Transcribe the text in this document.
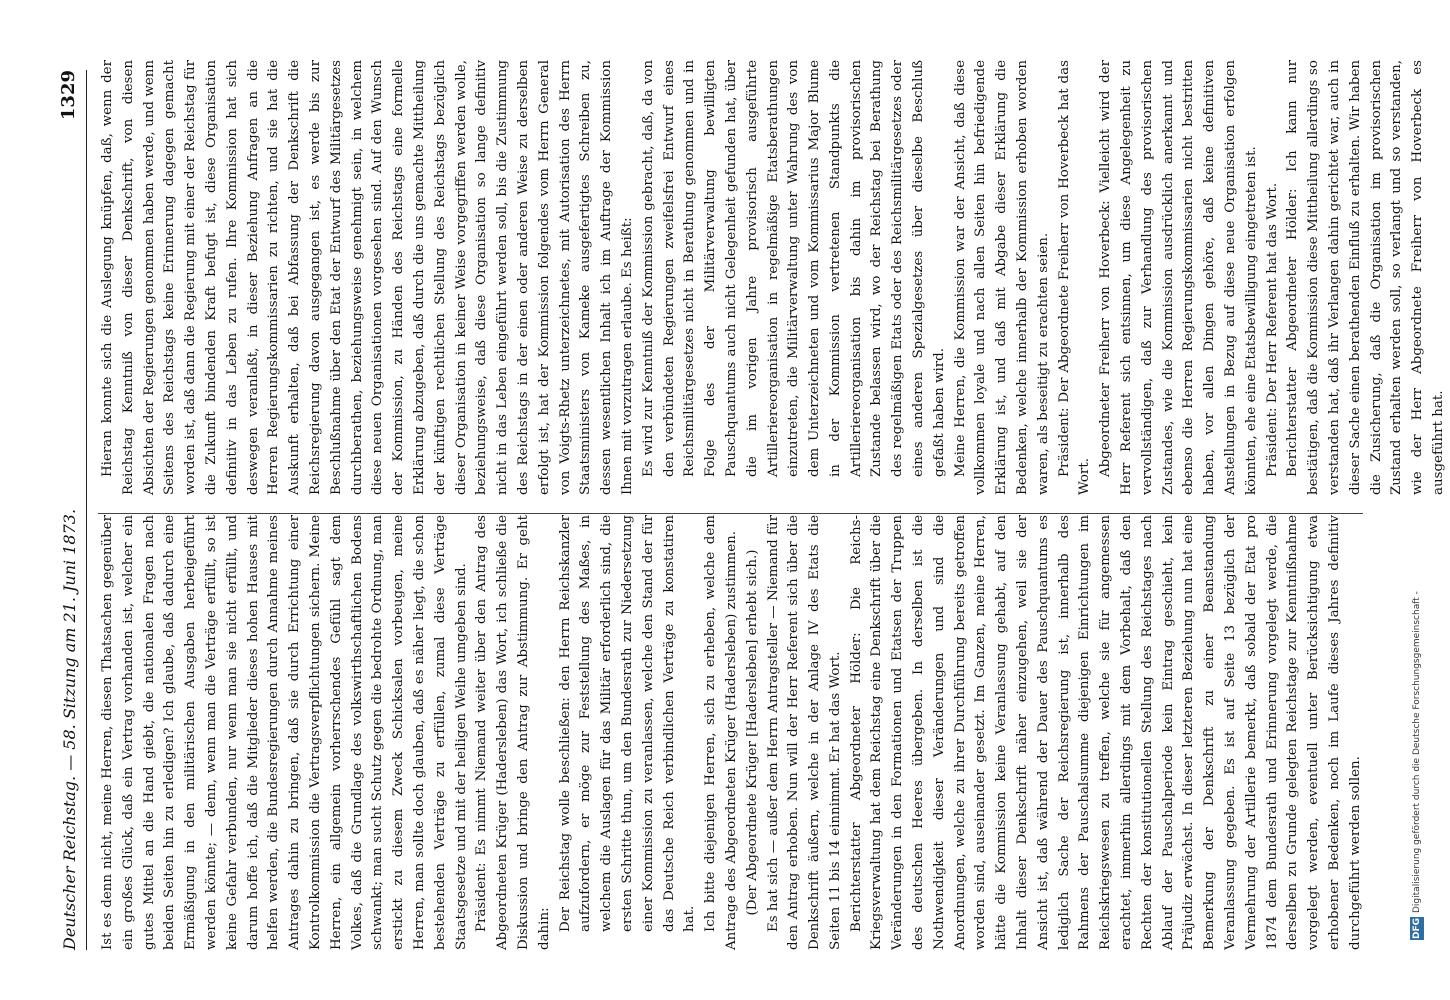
Deutscher Reichstag. — 58. Sitzung am 21. Juni 1873.
1329

Ist es denn nicht, meine Herren, diesen Thatsachen gegenüber ein großes Glück, daß ein Vertrag vorhanden ist, welcher ein gutes Mittel an die Hand giebt, die nationalen Fragen nach beiden Seiten hin zu erledigen? Ich glaube, daß dadurch eine Ermäßigung in den militärischen Ausgaben herbeigeführt werden könnte; — denn, wenn man die Verträge erfüllt, so ist keine Gefahr verbunden, nur wenn man sie nicht erfüllt, und darum hoffe ich, daß die Mitglieder dieses hohen Hauses mit helfen werden, die Bundesregierungen durch Annahme meines Antrages dahin zu bringen, daß sie durch Errichtung einer Kontrolkommission die Vertragsverpflichtungen sichern. Meine Herren, ein allgemein vorherrschendes Gefühl sagt dem Volkes, daß die Grundlage des volkswirthschaftlichen Bodens schwankt; man sucht Schutz gegen die bedrohte Ordnung, man erstickt zu diesem Zweck Schicksalen vorbeugen, meine Herren, man sollte doch glauben, daß es näher liegt, die schon bestehenden Verträge zu erfüllen, zumal diese Verträge Staatsgesetze und mit der heiligen Weihe umgeben sind. Präsident: Es nimmt Niemand weiter über den Antrag des Abgeordneten Krüger (Hadersleben) das Wort, ich schließe die Diskussion und bringe den Antrag zur Abstimmung. Er geht dahin: Der Reichstag wolle beschließen: den Herrn Reichskanzler aufzufordern, er möge zur Feststellung des Maßes, in welchem die Auslagen für das Militär erforderlich sind, die ersten Schritte thun, um den Bundesrath zur Niedersetzung einer Kommission zu veranlassen, welche den Stand der für das Deutsche Reich verbindlichen Verträge zu konstatiren hat. Ich bitte diejenigen Herren, sich zu erheben, welche dem Antrage des Abgeordneten Krüger (Hadersleben) zustimmen. (Der Abgeordnete Krüger [Hadersleben] erhebt sich.) Es hat sich — außer dem Herrn Antragsteller — Niemand für den Antrag erhoben. Nun will der Herr Referent sich über die Denkschrift äußern, welche in der Anlage IV des Etats die Seiten 11 bis 14 einnimmt. Er hat das Wort. Berichterstatter Abgeordneter Hölder: Die Reichs-Kriegsverwaltung hat dem Reichstag eine Denkschrift über die Veränderungen in den Formationen und Etatsen der Truppen des deutschen Heeres übergeben. In derselben ist die Nothwendigkeit dieser Veränderungen und sind die Anordnungen, welche zu ihrer Durchführung bereits getroffen worden sind, auseinander gesetzt. Im Ganzen, meine Herren, hätte die Kommission keine Veranlassung gehabt, auf den Inhalt dieser Denkschrift näher einzugehen, weil sie der Ansicht ist, daß während der Dauer des Pauschquantums es lediglich Sache der Reichsregierung ist, innerhalb des Rahmens der Pauschalsumme diejenigen Einrichtungen im Reichskriegswesen zu treffen, welche sie für angemessen erachtet, immerhin allerdings mit dem Vorbehalt, daß den Rechten der konstitutionellen Stellung des Reichstages nach Ablauf der Pauschalperiode kein Eintrag geschieht, kein Präjudiz erwächst. In dieser letzteren Beziehung nun hat eine Bemerkung der Denkschrift zu einer Beanstandung Veranlassung gegeben. Es ist auf Seite 13 bezüglich der Vermehrung der Artillerie bemerkt, daß sobald der Etat pro 1874 dem Bundesrath und Erinnerung vorgelegt werde, die derselben zu Grunde gelegten Reichstage zur Kenntnißnahme vorgelegt werden, eventuell unter Berücksichtigung etwa erhobener Bedenken, noch im Laufe dieses Jahres definitiv durchgeführt werden sollen.

Hieran konnte sich die Auslegung knüpfen, daß, wenn der Reichstag Kenntniß von dieser Denkschrift, von diesen Absichten der Regierungen genommen haben werde, und wenn Seitens des Reichstags keine Erinnerung dagegen gemacht worden ist, daß dann die Regierung mit einer der Reichstag für die Zukunft bindenden Kraft befugt ist, diese Organisation definitiv in das Leben zu rufen. Ihre Kommission hat sich deswegen veranlaßt, in dieser Beziehung Anfragen an die Herren Regierungskommissarien zu richten, und sie hat die Auskunft erhalten, daß bei Abfassung der Denkschrift die Reichsregierung davon ausgegangen ist, es werde bis zur Beschlußnahme über den Etat der Entwurf des Militärgesetzes durchberathen, beziehungsweise genehmigt sein, in welchem diese neuen Organisationen vorgesehen sind. Auf den Wunsch der Kommission, zu Händen des Reichstags eine formelle Erklärung abzugeben, daß durch die uns gemachte Mittheilung der künftigen rechtlichen Stellung des Reichstags bezüglich dieser Organisation in keiner Weise vorgegriffen werden wolle, beziehungsweise, daß diese Organisation so lange definitiv nicht in das Leben eingeführt werden soll, bis die Zustimmung des Reichstags in der einen oder anderen Weise zu derselben erfolgt ist, hat der Kommission folgendes vom Herrn General von Voigts-Rhetz unterzeichnetes, mit Autorisation des Herrn Staatsministers von Kameke ausgefertigtes Schreiben zu, dessen wesentlichen Inhalt ich im Auftrage der Kommission Ihnen mit vorzutragen erlaube. Es heißt: Es wird zur Kenntniß der Kommission gebracht, daß, da von den verbündeten Regierungen zweifelsfrei Entwurf eines Reichsmilitärgesetzes nicht in Berathung genommen und in Folge des der Militärverwaltung bewilligten Pauschquantums auch nicht Gelegenheit gefunden hat, über die im vorigen Jahre provisorisch ausgeführte Artilleriereorganisation in regelmäßige Etatsberathungen einzutreten, die Militärverwaltung unter Wahrung des von dem Unterzeichneten und vom Kommissarius Major Blume in der Kommission vertretenen Standpunkts die Artilleriereorganisation bis dahin im provisorischen Zustande belassen wird, wo der Reichstag bei Berathung des regelmäßigen Etats oder des Reichsmilitärgesetzes oder eines anderen Spezialgesetzes über dieselbe Beschluß gefaßt haben wird. Meine Herren, die Kommission war der Ansicht, daß diese vollkommen loyale und nach allen Seiten hin befriedigende Erklärung ist, und daß mit Abgabe dieser Erklärung die Bedenken, welche innerhalb der Kommission erhoben worden waren, als beseitigt zu erachten seien. Präsident: Der Abgeordnete Freiherr von Hoverbeck hat das Wort. Abgeordneter Freiherr von Hoverbeck: Vielleicht wird der Herr Referent sich entsinnen, um diese Angelegenheit zu vervollständigen, daß zur Verhandlung des provisorischen Zustandes, wie die Kommission ausdrücklich anerkannt und ebenso die Herren Regierungskommissarien nicht bestritten haben, vor allen Dingen gehöre, daß keine definitiven Anstellungen in Bezug auf diese neue Organisation erfolgen könnten, ehe eine Etatsbewilligung eingetreten ist. Präsident: Der Herr Referent hat das Wort. Berichterstatter Abgeordneter Hölder: Ich kann nur bestätigen, daß die Kommission diese Mittheilung allerdings so verstanden hat, daß ihr Verlangen dahin gerichtet war, auch in dieser Sache einen berathenden Einfluß zu erhalten. Wir haben die Zusicherung, daß die Organisation im provisorischen Zustand erhalten werden soll, so verlangt und so verstanden, wie der Herr Abgeordnete Freiherr von Hoverbeck es ausgeführt hat.

DFG
Digitalisierung gefördert durch die Deutsche Forschungsgemeinschaft -
